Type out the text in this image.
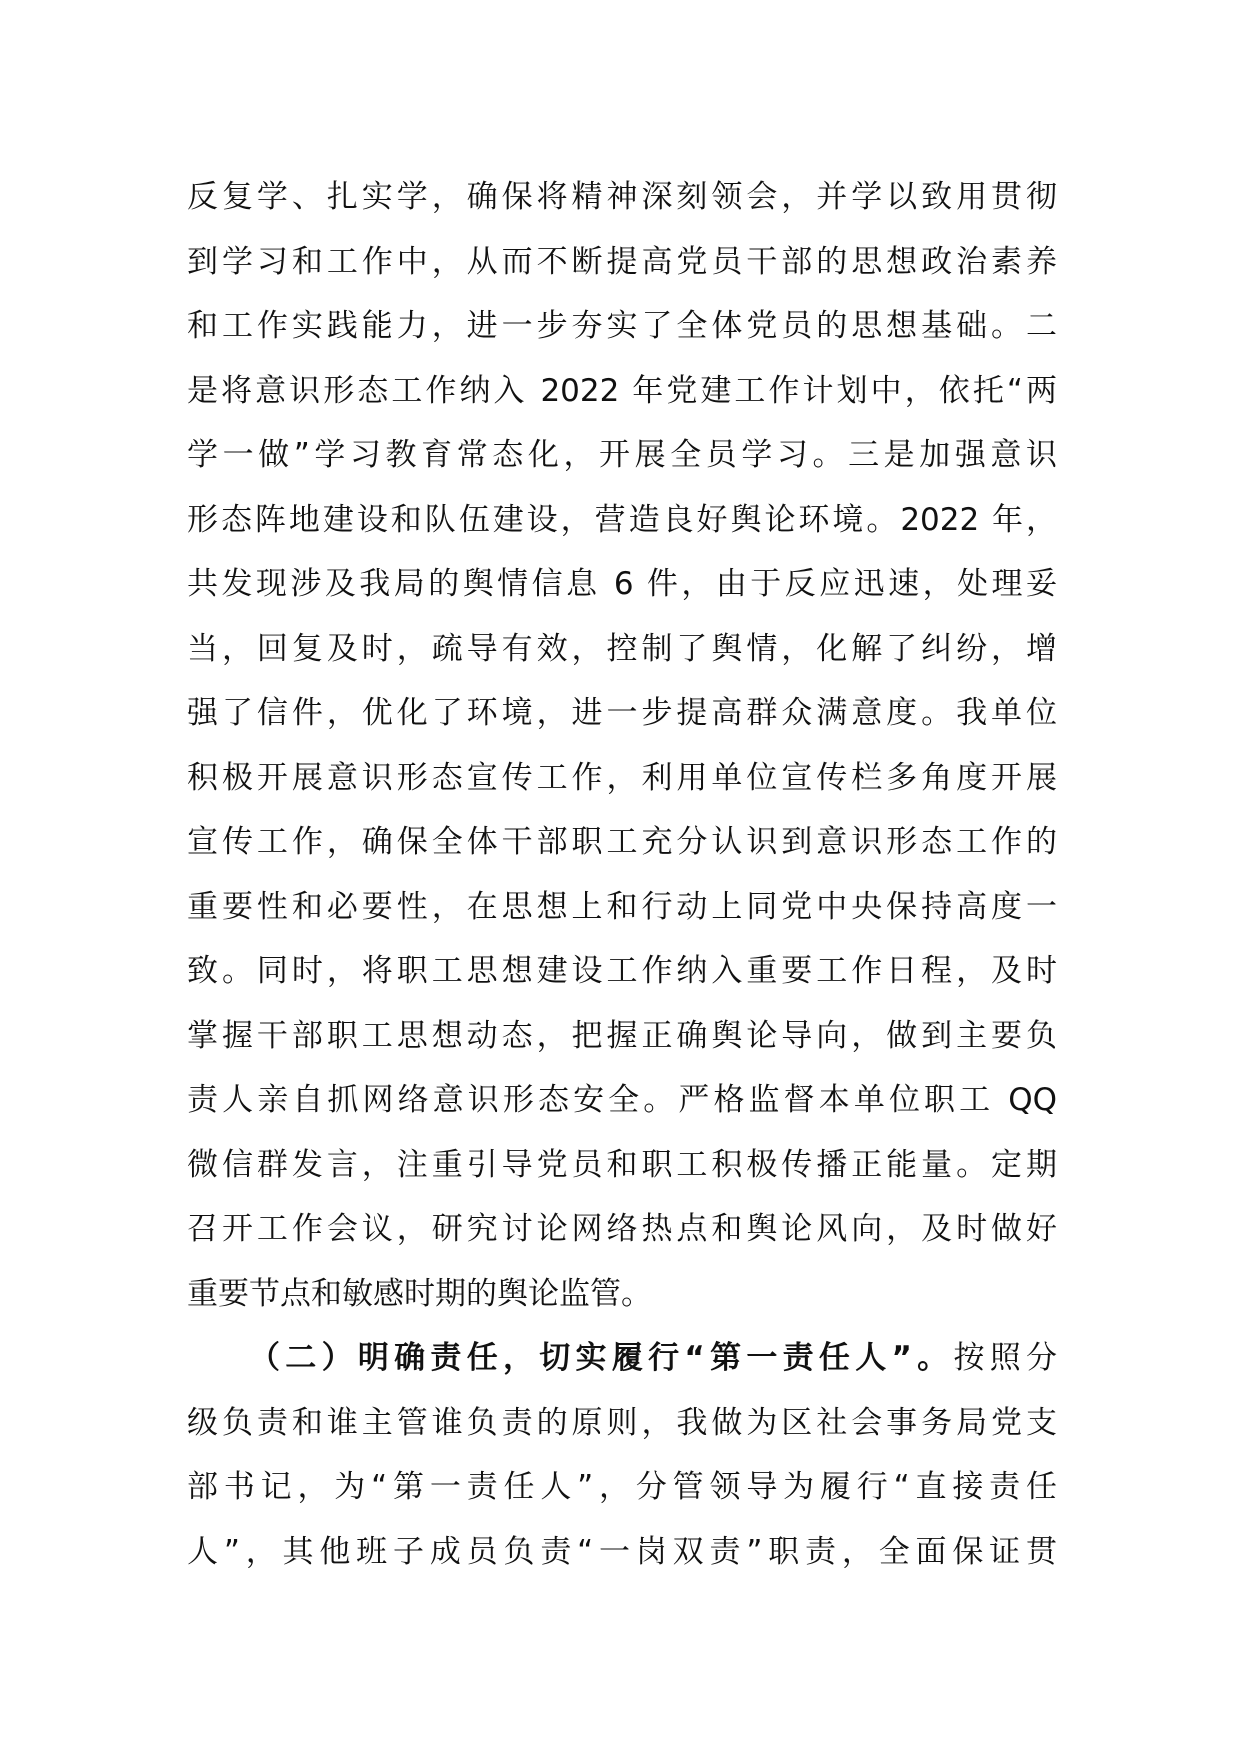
反复学、扎实学，确保将精神深刻领会，并学以致用贯彻
到学习和工作中，从而不断提高党员干部的思想政治素养
和工作实践能力，进一步夯实了全体党员的思想基础。二
是将意识形态工作纳入 2022 年党建工作计划中，依托“两
学一做”学习教育常态化，开展全员学习。三是加强意识
形态阵地建设和队伍建设，营造良好舆论环境。2022 年，
共发现涉及我局的舆情信息 6 件，由于反应迅速，处理妥
当，回复及时，疏导有效，控制了舆情，化解了纠纷，增
强了信件，优化了环境，进一步提高群众满意度。我单位
积极开展意识形态宣传工作，利用单位宣传栏多角度开展
宣传工作，确保全体干部职工充分认识到意识形态工作的
重要性和必要性，在思想上和行动上同党中央保持高度一
致。同时，将职工思想建设工作纳入重要工作日程，及时
掌握干部职工思想动态，把握正确舆论导向，做到主要负
责人亲自抓网络意识形态安全。严格监督本单位职工 QQ
微信群发言，注重引导党员和职工积极传播正能量。定期
召开工作会议，研究讨论网络热点和舆论风向，及时做好
重要节点和敏感时期的舆论监管。
（二）明确责任，切实履行“第一责任人”。按照分
级负责和谁主管谁负责的原则，我做为区社会事务局党支
部书记，为“第一责任人”，分管领导为履行“直接责任
人”，其他班子成员负责“一岗双责”职责，全面保证贯
